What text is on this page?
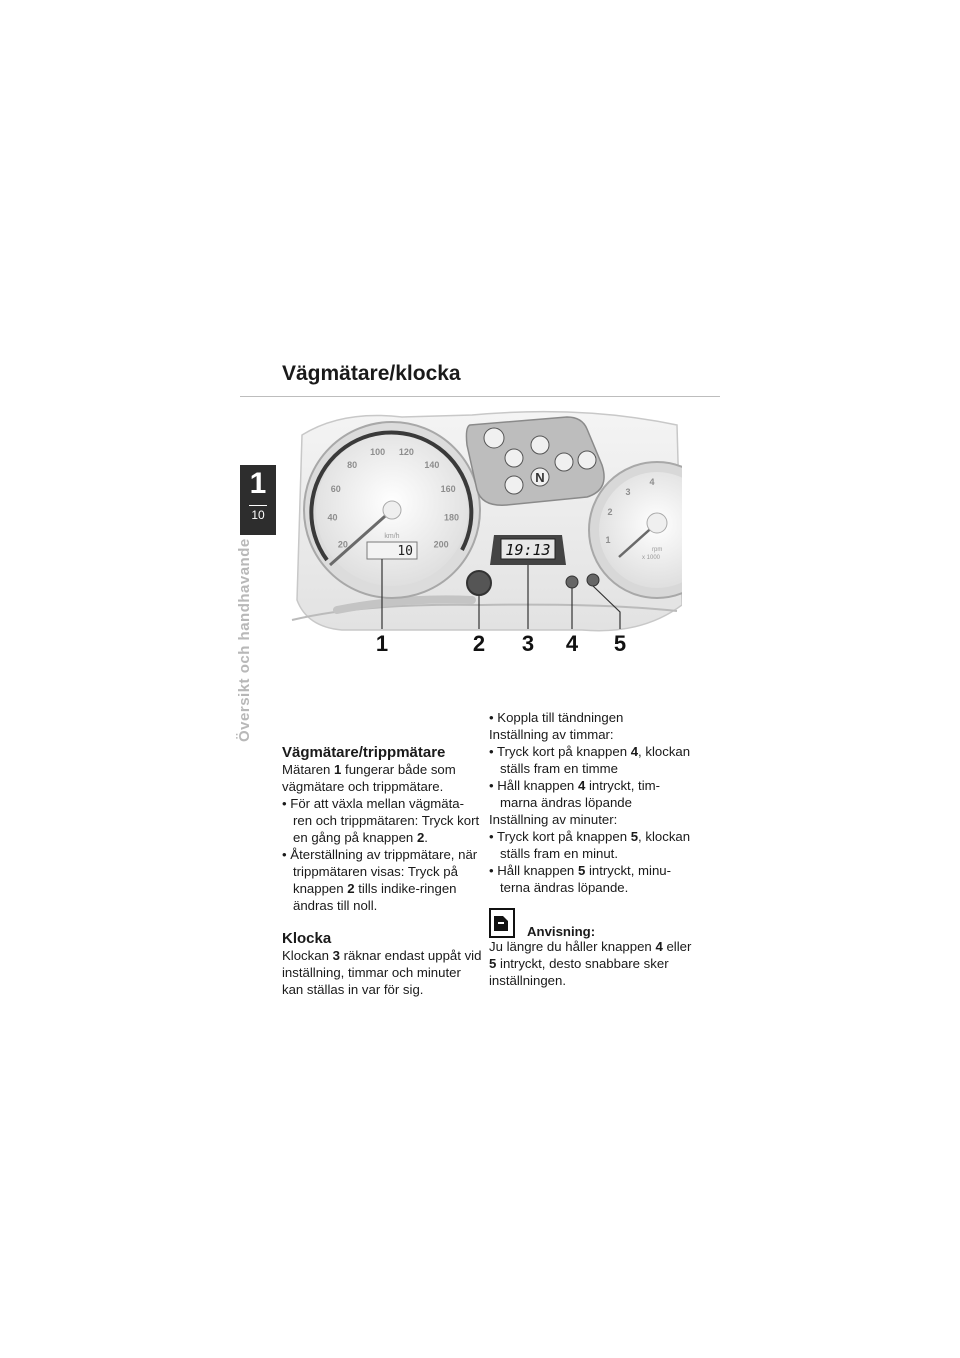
Vägmätare/klocka
1
10
Översikt och handhavande	20
40
60
80
100 120
140
160
180
200
km/h
10
N
19:13
1
2
3
4
rpm
x 1000
1	2 3 4 5
Vägmätare/trippmätare

Mätaren 1 fungerar både som vägmätare och trippmätare.

• För att växla mellan vägmäta-ren och trippmätaren: Tryck kort en gång på knappen 2.

• Återställning av trippmätare, när trippmätaren visas: Tryck på knappen 2 tills indike-ringen ändras till noll.

Klocka

Klockan 3 räknar endast uppåt vid inställning, timmar och minuter kan ställas in var för sig.

• Koppla till tändningen

Inställning av timmar:

• Tryck kort på knappen 4, klockan ställs fram en timme

• Håll knappen 4 intryckt, tim-marna ändras löpande

Inställning av minuter:

• Tryck kort på knappen 5, klockan ställs fram en minut.

• Håll knappen 5 intryckt, minu-terna ändras löpande.

Anvisning:

Ju längre du håller knappen 4 eller 5 intryckt, desto snabbare sker inställningen.
